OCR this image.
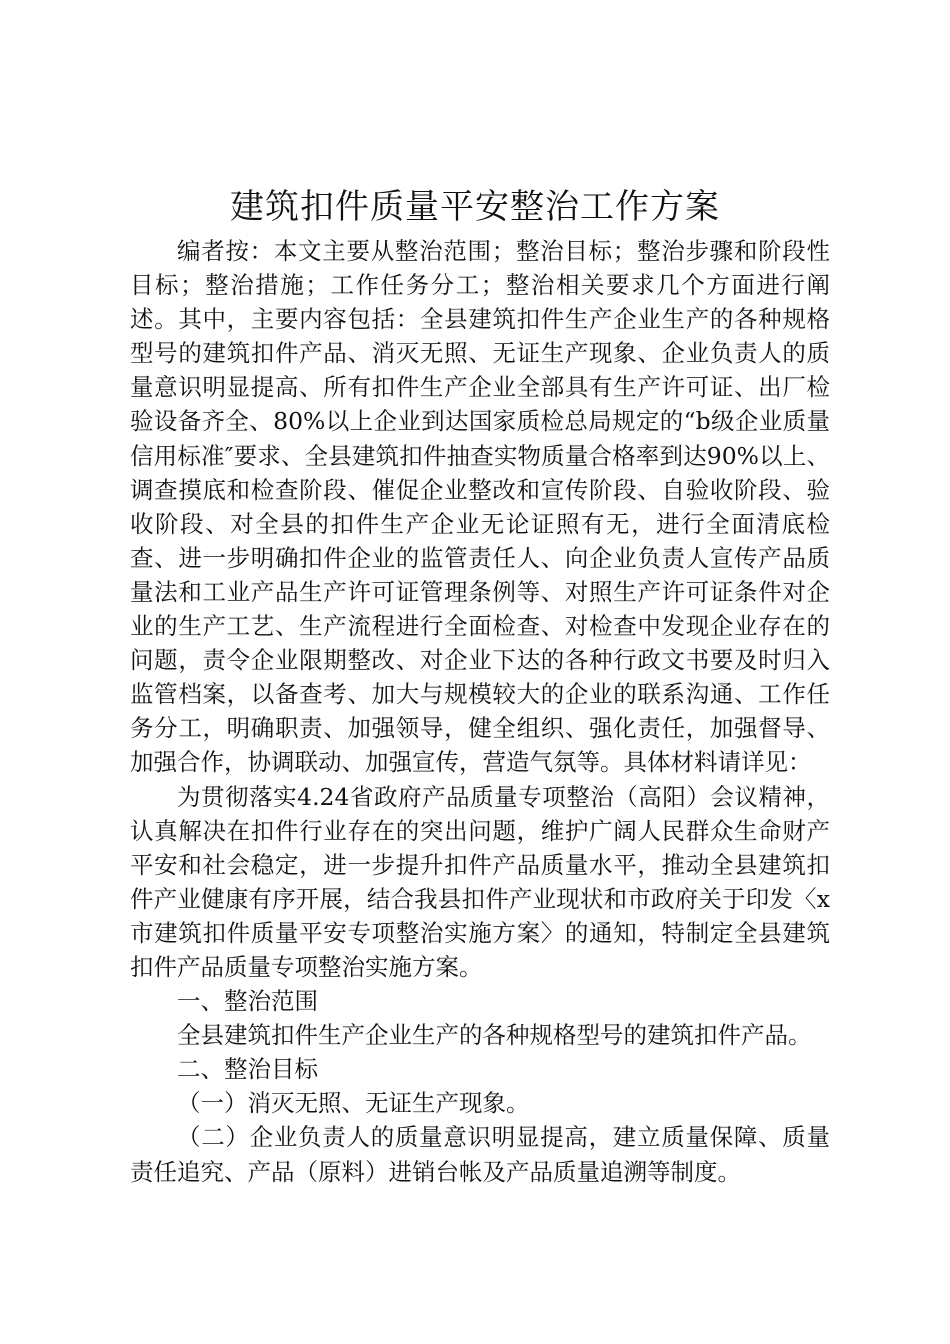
建筑扣件质量平安整治工作方案

编者按：本文主要从整治范围；整治目标；整治步骤和阶段性目标；整治措施；工作任务分工；整治相关要求几个方面进行阐述。其中，主要内容包括：全县建筑扣件生产企业生产的各种规格型号的建筑扣件产品、消灭无照、无证生产现象、企业负责人的质量意识明显提高、所有扣件生产企业全部具有生产许可证、出厂检验设备齐全、80%以上企业到达国家质检总局规定的“b级企业质量信用标准″要求、全县建筑扣件抽查实物质量合格率到达90%以上、调查摸底和检查阶段、催促企业整改和宣传阶段、自验收阶段、验收阶段、对全县的扣件生产企业无论证照有无，进行全面清底检查、进一步明确扣件企业的监管责任人、向企业负责人宣传产品质量法和工业产品生产许可证管理条例等、对照生产许可证条件对企业的生产工艺、生产流程进行全面检查、对检查中发现企业存在的问题，责令企业限期整改、对企业下达的各种行政文书要及时归入监管档案，以备查考、加大与规模较大的企业的联系沟通、工作任务分工，明确职责、加强领导，健全组织、强化责任，加强督导、加强合作，协调联动、加强宣传，营造气氛等。具体材料请详见：

为贯彻落实4.24省政府产品质量专项整治（高阳）会议精神，认真解决在扣件行业存在的突出问题，维护广阔人民群众生命财产平安和社会稳定，进一步提升扣件产品质量水平，推动全县建筑扣件产业健康有序开展，结合我县扣件产业现状和市政府关于印发〈x市建筑扣件质量平安专项整治实施方案〉的通知，特制定全县建筑扣件产品质量专项整治实施方案。

一、整治范围

全县建筑扣件生产企业生产的各种规格型号的建筑扣件产品。

二、整治目标

（一）消灭无照、无证生产现象。

（二）企业负责人的质量意识明显提高，建立质量保障、质量责任追究、产品（原料）进销台帐及产品质量追溯等制度。
